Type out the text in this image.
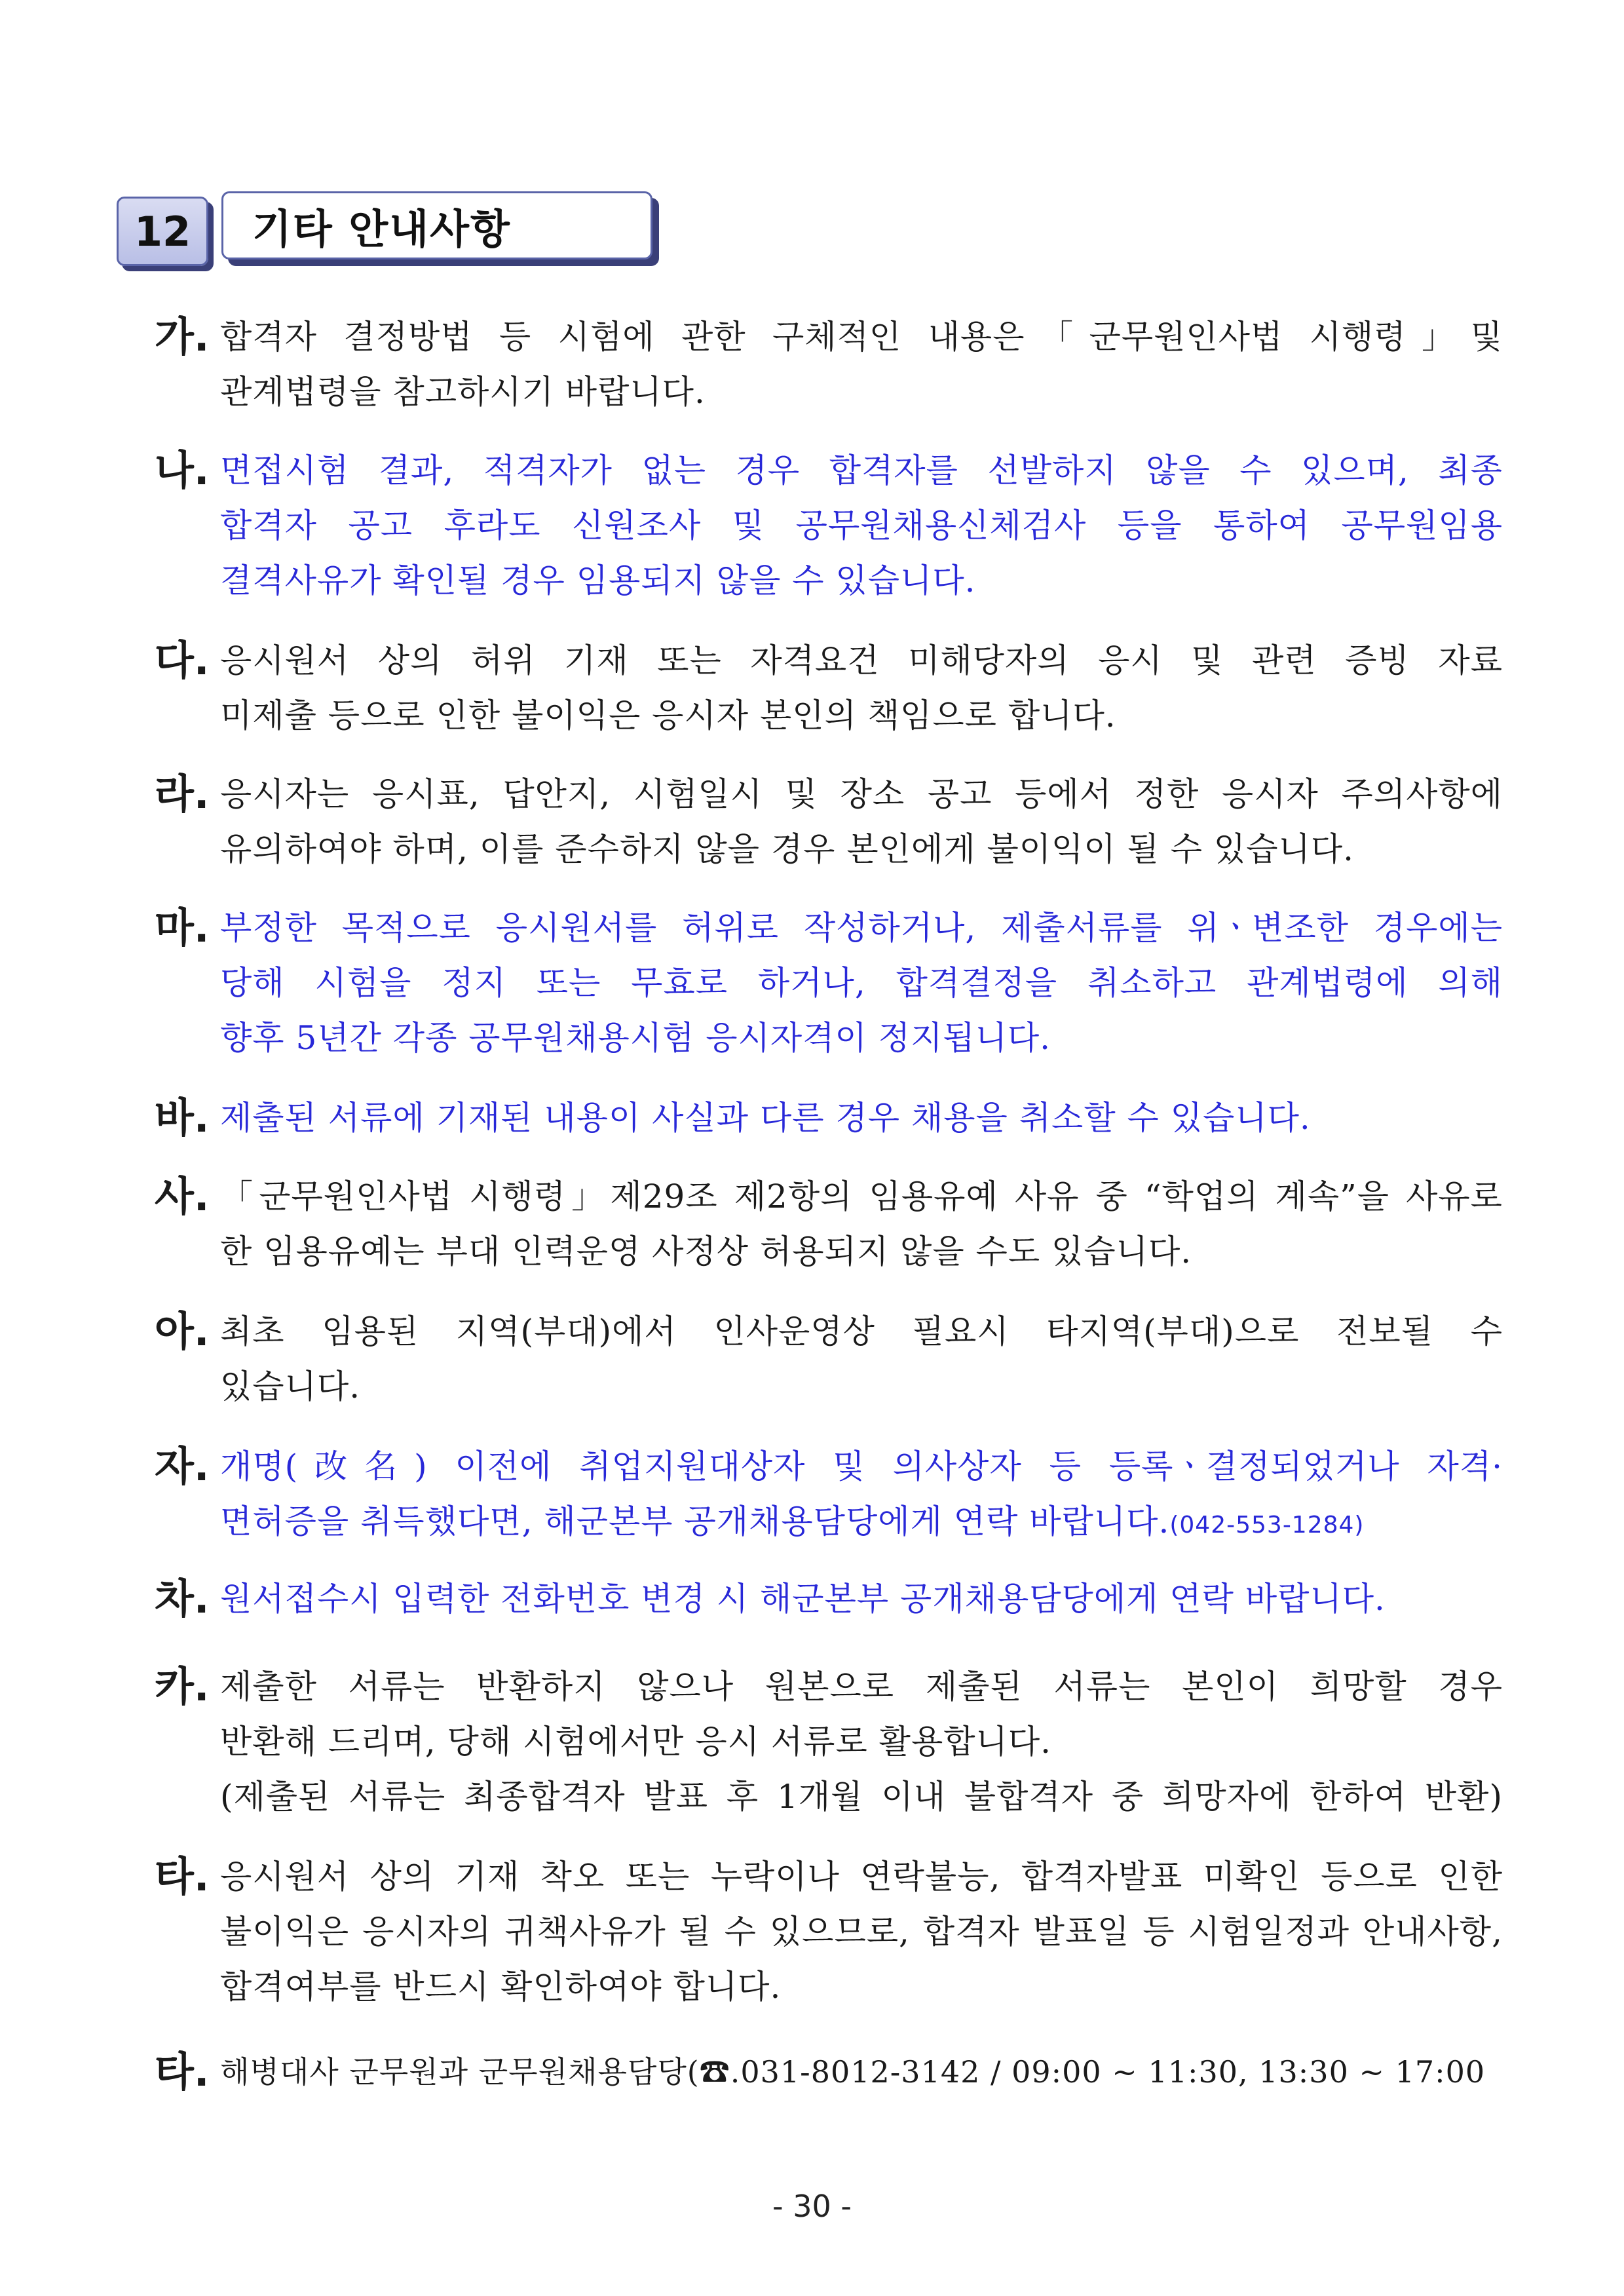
12	기타 안내사항
가. 합격자 결정방법 등 시험에 관한 구체적인 내용은「군무원인사법 시행령」및
관계법령을 참고하시기 바랍니다.
나. 면접시험 결과, 적격자가 없는 경우 합격자를 선발하지 않을 수 있으며, 최종
합격자 공고 후라도 신원조사 및 공무원채용신체검사 등을 통하여 공무원임용
결격사유가 확인될 경우 임용되지 않을 수 있습니다.
다. 응시원서 상의 허위 기재 또는 자격요건 미해당자의 응시 및 관련 증빙 자료
미제출 등으로 인한 불이익은 응시자 본인의 책임으로 합니다.
라. 응시자는 응시표, 답안지, 시험일시 및 장소 공고 등에서 정한 응시자 주의사항에
유의하여야 하며, 이를 준수하지 않을 경우 본인에게 불이익이 될 수 있습니다.
마. 부정한 목적으로 응시원서를 허위로 작성하거나, 제출서류를 위ㆍ변조한 경우에는
당해 시험을 정지 또는 무효로 하거나, 합격결정을 취소하고 관계법령에 의해
향후 5년간 각종 공무원채용시험 응시자격이 정지됩니다.
바. 제출된 서류에 기재된 내용이 사실과 다른 경우 채용을 취소할 수 있습니다.
사. 「군무원인사법 시행령」제29조 제2항의 임용유예 사유 중 “학업의 계속”을 사유로
한 임용유예는 부대 인력운영 사정상 허용되지 않을 수도 있습니다.
아. 최초 임용된 지역(부대)에서 인사운영상 필요시 타지역(부대)으로 전보될 수
있습니다.
자. 개명(改名) 이전에 취업지원대상자 및 의사상자 등 등록ㆍ결정되었거나 자격·
면허증을 취득했다면, 해군본부 공개채용담당에게 연락 바랍니다.(042-553-1284)
차. 원서접수시 입력한 전화번호 변경 시 해군본부 공개채용담당에게 연락 바랍니다.
카. 제출한 서류는 반환하지 않으나 원본으로 제출된 서류는 본인이 희망할 경우
반환해 드리며, 당해 시험에서만 응시 서류로 활용합니다.
(제출된 서류는 최종합격자 발표 후 1개월 이내 불합격자 중 희망자에 한하여 반환)
타. 응시원서 상의 기재 착오 또는 누락이나 연락불능, 합격자발표 미확인 등으로 인한
불이익은 응시자의 귀책사유가 될 수 있으므로, 합격자 발표일 등 시험일정과 안내사항,
합격여부를 반드시 확인하여야 합니다.
타. 해병대사 군무원과 군무원채용담당(☎.031-8012-3142 / 09:00 ~ 11:30, 13:30 ~ 17:00
- 30 -
